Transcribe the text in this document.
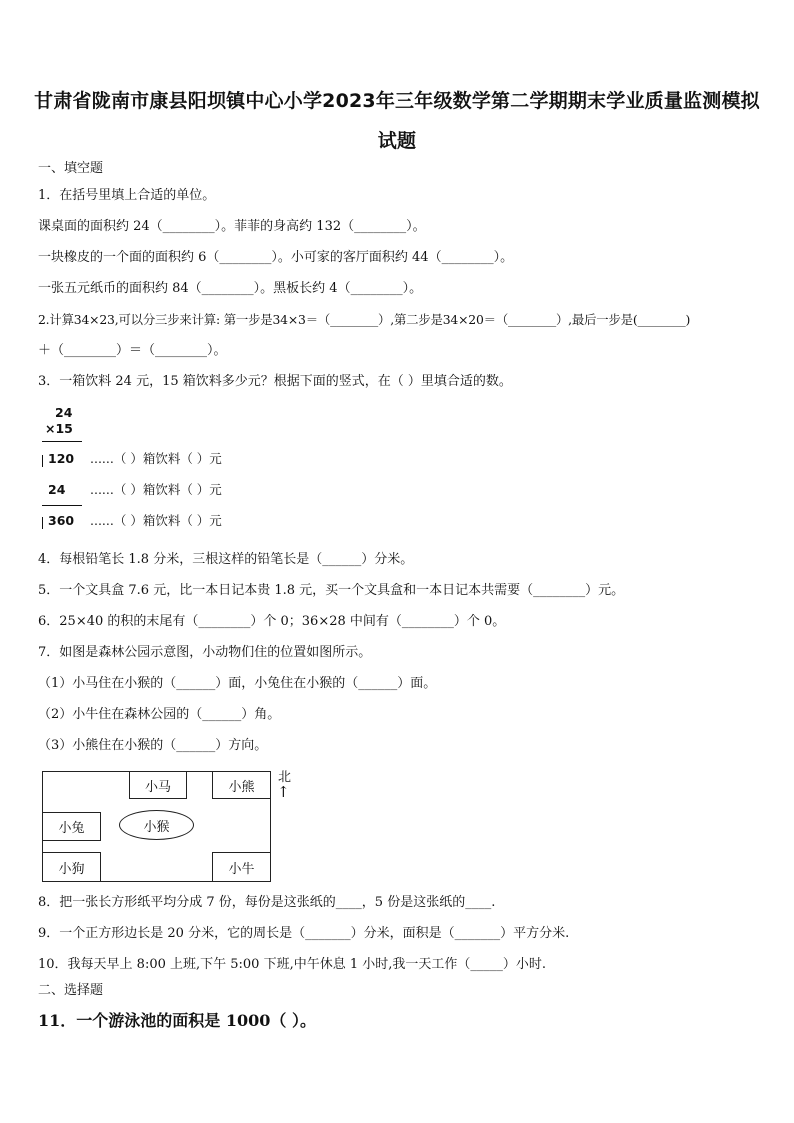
甘肃省陇南市康县阳坝镇中心小学2023年三年级数学第二学期期末学业质量监测模拟
试题
一、填空题
1．在括号里填上合适的单位。
课桌面的面积约 24（________）。菲菲的身高约 132（________）。
一块橡皮的一个面的面积约 6（________）。小可家的客厅面积约 44（________）。
一张五元纸币的面积约 84（________）。黑板长约 4（________）。
2.计算34×23,可以分三步来计算: 第一步是34×3＝（________）,第二步是34×20＝（________）,最后一步是(________)
＋（________）＝（________）。
3．一箱饮料 24 元，15 箱饮料多少元？根据下面的竖式，在（ ）里填合适的数。
24
×15
120 ......（ ）箱饮料（ ）元
24 ......（ ）箱饮料（ ）元
360 ......（ ）箱饮料（ ）元
4．每根铅笔长 1.8 分米，三根这样的铅笔长是（______）分米。
5．一个文具盒 7.6 元，比一本日记本贵 1.8 元，买一个文具盒和一本日记本共需要（________）元。
6．25×40 的积的末尾有（________）个 0；36×28 中间有（________）个 0。
7．如图是森林公园示意图，小动物们住的位置如图所示。
（1）小马住在小猴的（______）面，小兔住在小猴的（______）面。
（2）小牛住在森林公园的（______）角。
（3）小熊住在小猴的（______）方向。
小马	小熊
小兔	小猴
小狗	小牛
北
↑
8．把一张长方形纸平均分成 7 份，每份是这张纸的____，5 份是这张纸的____.
9．一个正方形边长是 20 分米，它的周长是（_______）分米，面积是（_______）平方分米.
10．我每天早上 8:00 上班,下午 5:00 下班,中午休息 1 小时,我一天工作（_____）小时.
二、选择题
11．一个游泳池的面积是 1000（ ）。
